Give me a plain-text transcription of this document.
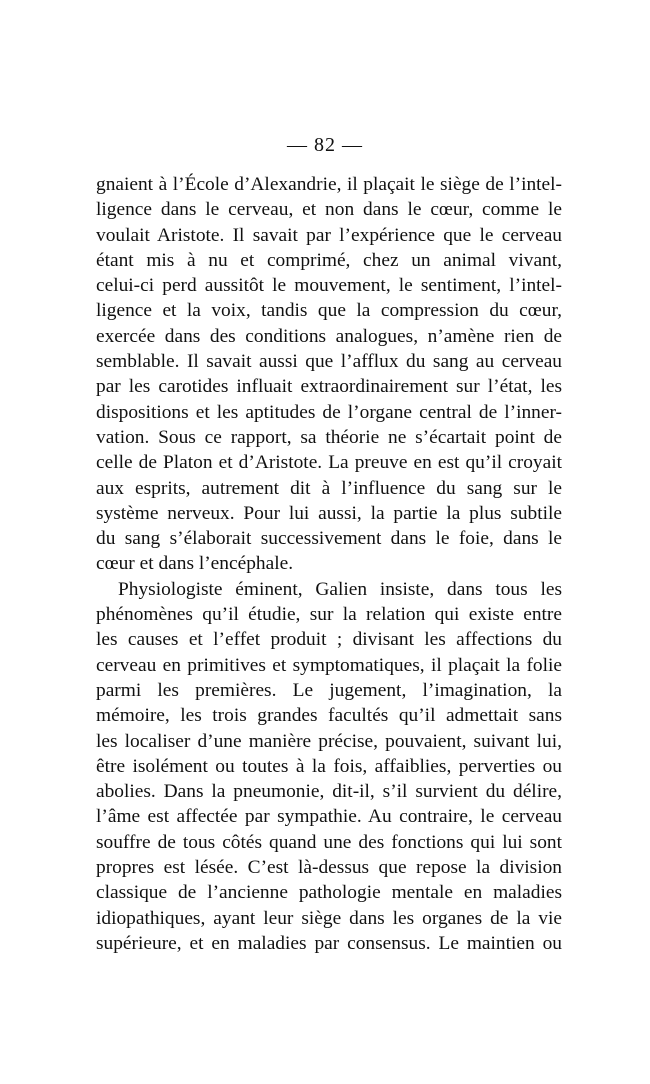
— 82 —

gnaient à l’École d’Alexandrie, il plaçait le siège de l’intel-
ligence dans le cerveau, et non dans le cœur, comme le
voulait Aristote. Il savait par l’expérience que le cerveau
étant mis à nu et comprimé, chez un animal vivant,
celui-ci perd aussitôt le mouvement, le sentiment, l’intel-
ligence et la voix, tandis que la compression du cœur,
exercée dans des conditions analogues, n’amène rien de
semblable. Il savait aussi que l’afflux du sang au cerveau
par les carotides influait extraordinairement sur l’état, les
dispositions et les aptitudes de l’organe central de l’inner-
vation. Sous ce rapport, sa théorie ne s’écartait point de
celle de Platon et d’Aristote. La preuve en est qu’il croyait
aux esprits, autrement dit à l’influence du sang sur le
système nerveux. Pour lui aussi, la partie la plus subtile
du sang s’élaborait successivement dans le foie, dans le
cœur et dans l’encéphale.

Physiologiste éminent, Galien insiste, dans tous les
phénomènes qu’il étudie, sur la relation qui existe entre
les causes et l’effet produit ; divisant les affections du
cerveau en primitives et symptomatiques, il plaçait la folie
parmi les premières. Le jugement, l’imagination, la
mémoire, les trois grandes facultés qu’il admettait sans
les localiser d’une manière précise, pouvaient, suivant lui,
être isolément ou toutes à la fois, affaiblies, perverties ou
abolies. Dans la pneumonie, dit-il, s’il survient du délire,
l’âme est affectée par sympathie. Au contraire, le cerveau
souffre de tous côtés quand une des fonctions qui lui sont
propres est lésée. C’est là-dessus que repose la division
classique de l’ancienne pathologie mentale en maladies
idiopathiques, ayant leur siège dans les organes de la vie
supérieure, et en maladies par consensus. Le maintien ou
